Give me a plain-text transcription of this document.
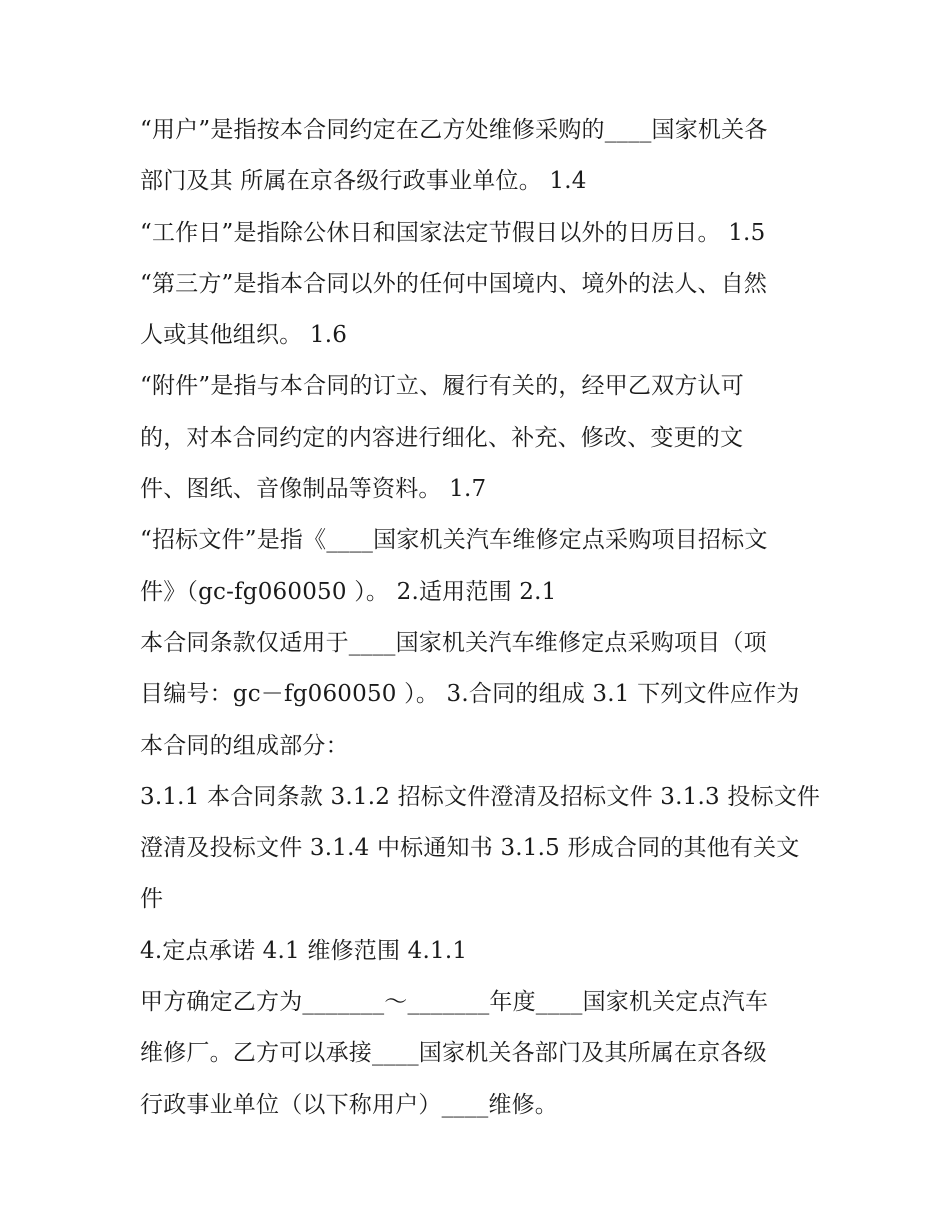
“用户”是指按本合同约定在乙方处维修采购的____国家机关各
部门及其 所属在京各级行政事业单位。 1.4
“工作日”是指除公休日和国家法定节假日以外的日历日。 1.5
“第三方”是指本合同以外的任何中国境内、境外的法人、自然
人或其他组织。 1.6
“附件”是指与本合同的订立、履行有关的，经甲乙双方认可
的，对本合同约定的内容进行细化、补充、修改、变更的文
件、图纸、音像制品等资料。 1.7
“招标文件”是指《____国家机关汽车维修定点采购项目招标文
件》（gc-fg060050 ）。 2.适用范围 2.1
本合同条款仅适用于____国家机关汽车维修定点采购项目（项
目编号：gc－fg060050 ）。 3.合同的组成 3.1 下列文件应作为
本合同的组成部分：
3.1.1 本合同条款 3.1.2 招标文件澄清及招标文件 3.1.3 投标文件
澄清及投标文件 3.1.4 中标通知书 3.1.5 形成合同的其他有关文
件
4.定点承诺 4.1 维修范围 4.1.1
甲方确定乙方为_______～_______年度____国家机关定点汽车
维修厂。乙方可以承接____国家机关各部门及其所属在京各级
行政事业单位（以下称用户）____维修。
